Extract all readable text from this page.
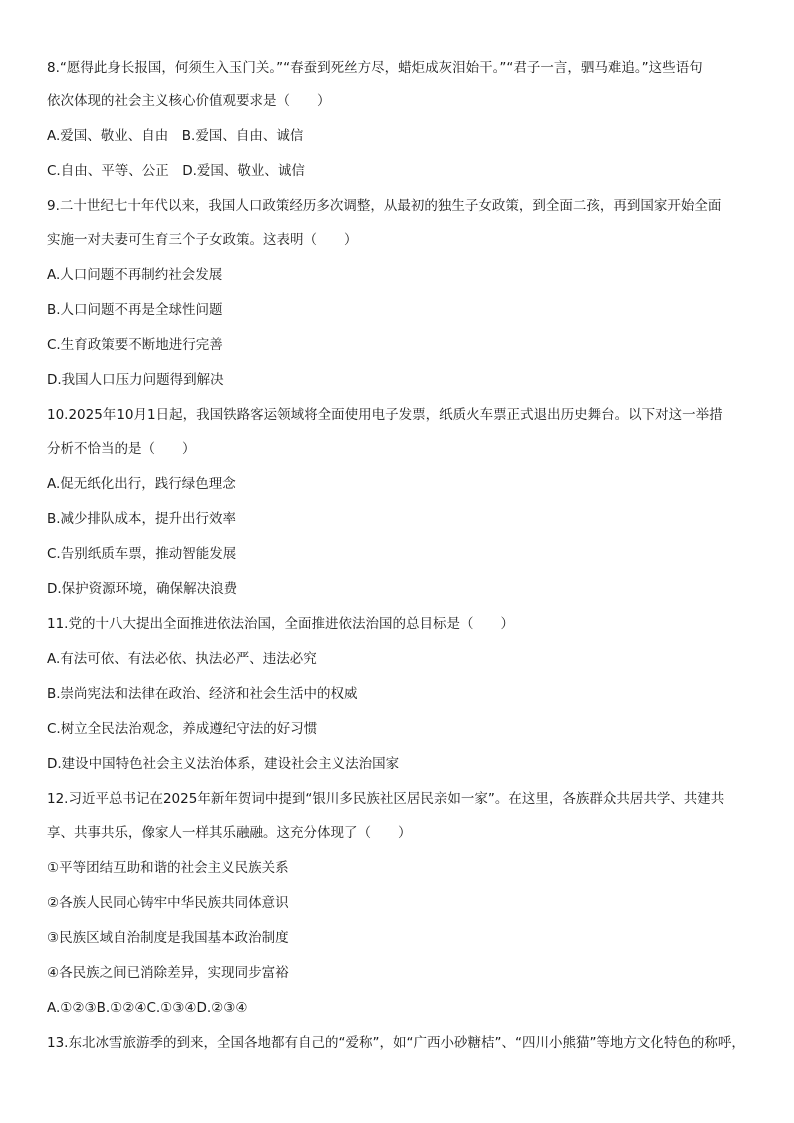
8.“愿得此身长报国，何须生入玉门关。”“春蚕到死丝方尽，蜡炬成灰泪始干。”“君子一言，驷马难追。”这些语句
依次体现的社会主义核心价值观要求是（　　）
A.爱国、敬业、自由　B.爱国、自由、诚信
C.自由、平等、公正　D.爱国、敬业、诚信
9.二十世纪七十年代以来，我国人口政策经历多次调整，从最初的独生子女政策，到全面二孩，再到国家开始全面
实施一对夫妻可生育三个子女政策。这表明（　　）
A.人口问题不再制约社会发展
B.人口问题不再是全球性问题
C.生育政策要不断地进行完善
D.我国人口压力问题得到解决
10.2025年10月1日起，我国铁路客运领域将全面使用电子发票，纸质火车票正式退出历史舞台。以下对这一举措
分析不恰当的是（　　）
A.促无纸化出行，践行绿色理念
B.减少排队成本，提升出行效率
C.告别纸质车票，推动智能发展
D.保护资源环境，确保解决浪费
11.党的十八大提出全面推进依法治国，全面推进依法治国的总目标是（　　）
A.有法可依、有法必依、执法必严、违法必究
B.崇尚宪法和法律在政治、经济和社会生活中的权威
C.树立全民法治观念，养成遵纪守法的好习惯
D.建设中国特色社会主义法治体系，建设社会主义法治国家
12.习近平总书记在2025年新年贺词中提到“银川多民族社区居民亲如一家”。在这里，各族群众共居共学、共建共
享、共事共乐，像家人一样其乐融融。这充分体现了（　　）
①平等团结互助和谐的社会主义民族关系
②各族人民同心铸牢中华民族共同体意识
③民族区域自治制度是我国基本政治制度
④各民族之间已消除差异，实现同步富裕
A.①②③B.①②④C.①③④D.②③④
13.东北冰雪旅游季的到来，全国各地都有自己的“爱称”，如“广西小砂糖桔”、“四川小熊猫”等地方文化特色的称呼，
